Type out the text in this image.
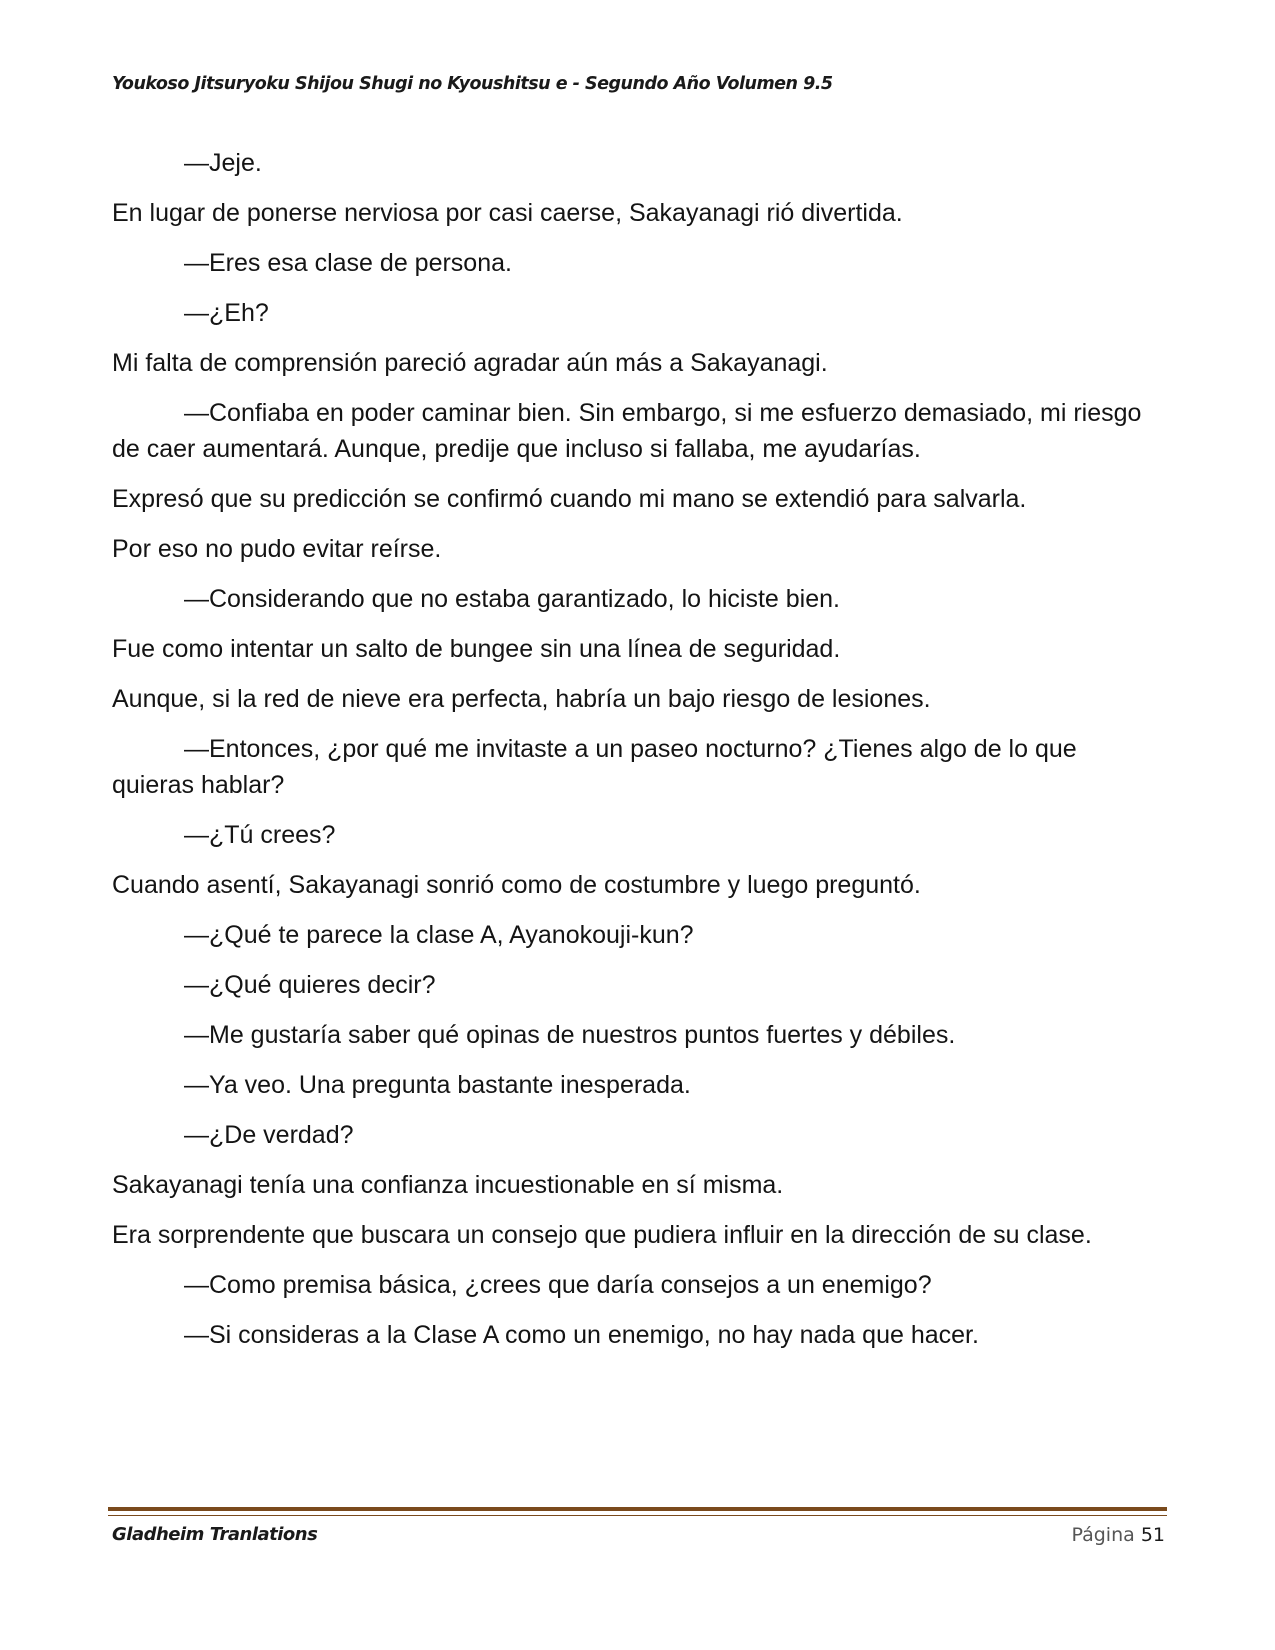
Youkoso Jitsuryoku Shijou Shugi no Kyoushitsu e - Segundo Año Volumen 9.5

—Jeje.

En lugar de ponerse nerviosa por casi caerse, Sakayanagi rió divertida.

—Eres esa clase de persona.

—¿Eh?

Mi falta de comprensión pareció agradar aún más a Sakayanagi.

—Confiaba en poder caminar bien. Sin embargo, si me esfuerzo demasiado, mi riesgo de caer aumentará. Aunque, predije que incluso si fallaba, me ayudarías.

Expresó que su predicción se confirmó cuando mi mano se extendió para salvarla.

Por eso no pudo evitar reírse.

—Considerando que no estaba garantizado, lo hiciste bien.

Fue como intentar un salto de bungee sin una línea de seguridad.

Aunque, si la red de nieve era perfecta, habría un bajo riesgo de lesiones.

—Entonces, ¿por qué me invitaste a un paseo nocturno? ¿Tienes algo de lo que quieras hablar?

—¿Tú crees?

Cuando asentí, Sakayanagi sonrió como de costumbre y luego preguntó.

—¿Qué te parece la clase A, Ayanokouji-kun?

—¿Qué quieres decir?

—Me gustaría saber qué opinas de nuestros puntos fuertes y débiles.

—Ya veo. Una pregunta bastante inesperada.

—¿De verdad?

Sakayanagi tenía una confianza incuestionable en sí misma.

Era sorprendente que buscara un consejo que pudiera influir en la dirección de su clase.

—Como premisa básica, ¿crees que daría consejos a un enemigo?

—Si consideras a la Clase A como un enemigo, no hay nada que hacer.

Gladheim Tranlations	Página 51
